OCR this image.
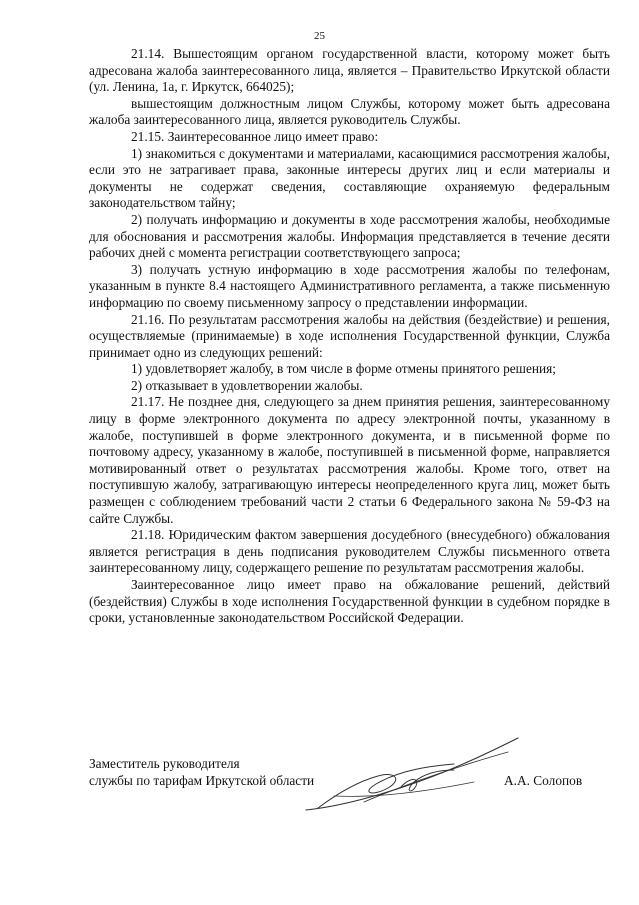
25

21.14. Вышестоящим органом государственной власти, которому может быть адресована жалоба заинтересованного лица, является – Правительство Иркутской области (ул. Ленина, 1а, г. Иркутск, 664025);

вышестоящим должностным лицом Службы, которому может быть адресована жалоба заинтересованного лица, является руководитель Службы.

21.15. Заинтересованное лицо имеет право:

1) знакомиться с документами и материалами, касающимися рассмотрения жалобы, если это не затрагивает права, законные интересы других лиц и если материалы и документы не содержат сведения, составляющие охраняемую федеральным законодательством тайну;

2) получать информацию и документы в ходе рассмотрения жалобы, необходимые для обоснования и рассмотрения жалобы. Информация представляется в течение десяти рабочих дней с момента регистрации соответствующего запроса;

3) получать устную информацию в ходе рассмотрения жалобы по телефонам, указанным в пункте 8.4 настоящего Административного регламента, а также письменную информацию по своему письменному запросу о представлении информации.

21.16. По результатам рассмотрения жалобы на действия (бездействие) и решения, осуществляемые (принимаемые) в ходе исполнения Государственной функции, Служба принимает одно из следующих решений:

1) удовлетворяет жалобу, в том числе в форме отмены принятого решения;

2) отказывает в удовлетворении жалобы.

21.17. Не позднее дня, следующего за днем принятия решения, заинтересованному лицу в форме электронного документа по адресу электронной почты, указанному в жалобе, поступившей в форме электронного документа, и в письменной форме по почтовому адресу, указанному в жалобе, поступившей в письменной форме, направляется мотивированный ответ о результатах рассмотрения жалобы. Кроме того, ответ на поступившую жалобу, затрагивающую интересы неопределенного круга лиц, может быть размещен с соблюдением требований части 2 статьи 6 Федерального закона № 59-ФЗ на сайте Службы.

21.18. Юридическим фактом завершения досудебного (внесудебного) обжалования является регистрация в день подписания руководителем Службы письменного ответа заинтересованному лицу, содержащего решение по результатам рассмотрения жалобы.

Заинтересованное лицо имеет право на обжалование решений, действий (бездействия) Службы в ходе исполнения Государственной функции в судебном порядке в сроки, установленные законодательством Российской Федерации.

Заместитель руководителя
службы по тарифам Иркутской области	А.А. Солопов
